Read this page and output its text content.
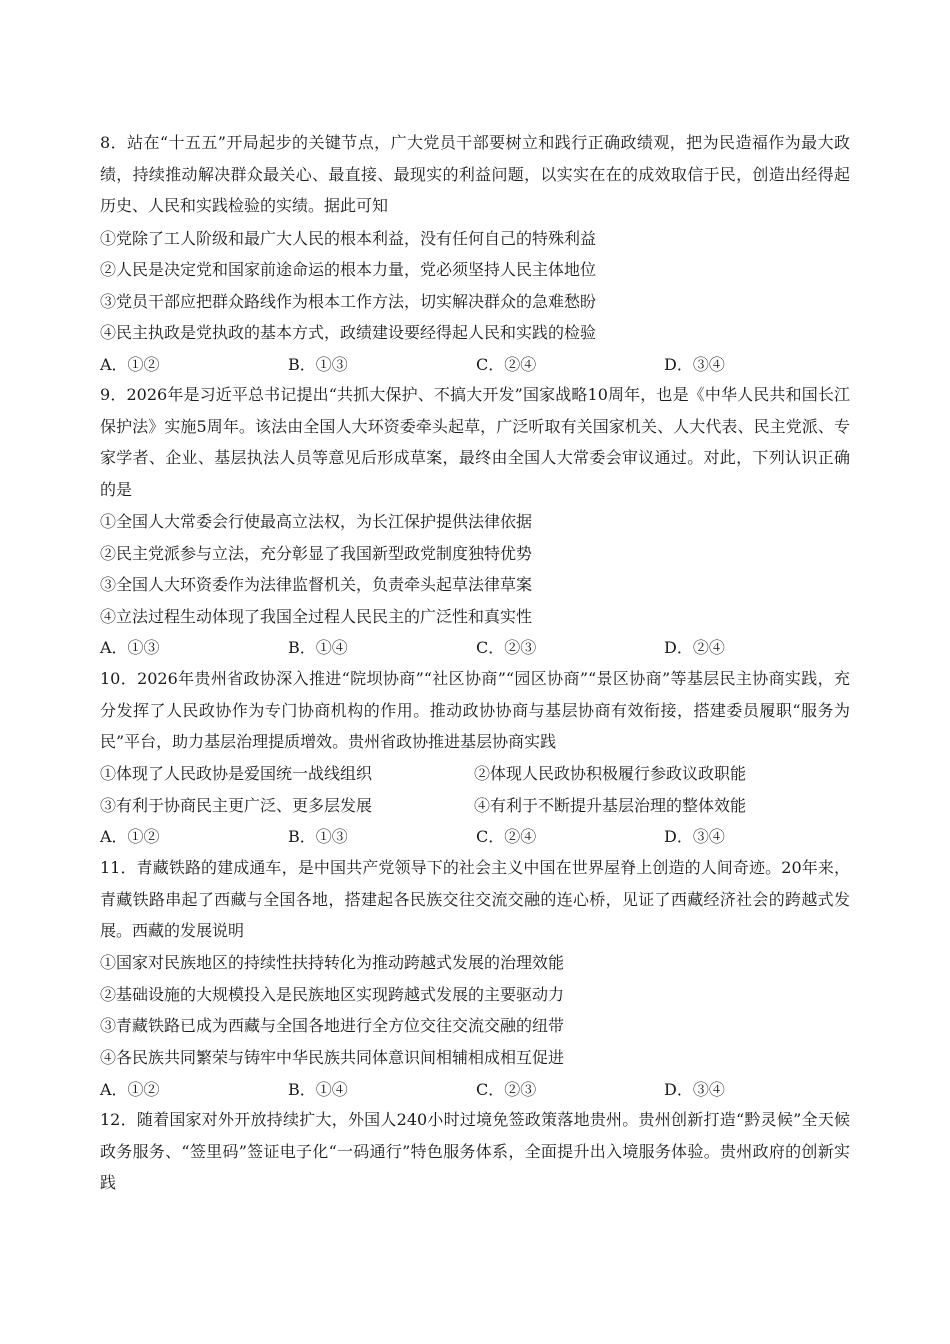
8．站在“十五五”开局起步的关键节点，广大党员干部要树立和践行正确政绩观，把为民造福作为最大政绩，持续推动解决群众最关心、最直接、最现实的利益问题，以实实在在的成效取信于民，创造出经得起历史、人民和实践检验的实绩。据此可知
①党除了工人阶级和最广大人民的根本利益，没有任何自己的特殊利益
②人民是决定党和国家前途命运的根本力量，党必须坚持人民主体地位
③党员干部应把群众路线作为根本工作方法，切实解决群众的急难愁盼
④民主执政是党执政的基本方式，政绩建设要经得起人民和实践的检验
A．①②	B．①③	C．②④	D．③④
9．2026年是习近平总书记提出“共抓大保护、不搞大开发”国家战略10周年，也是《中华人民共和国长江保护法》实施5周年。该法由全国人大环资委牵头起草，广泛听取有关国家机关、人大代表、民主党派、专家学者、企业、基层执法人员等意见后形成草案，最终由全国人大常委会审议通过。对此，下列认识正确的是
①全国人大常委会行使最高立法权，为长江保护提供法律依据
②民主党派参与立法，充分彰显了我国新型政党制度独特优势
③全国人大环资委作为法律监督机关，负责牵头起草法律草案
④立法过程生动体现了我国全过程人民民主的广泛性和真实性
A．①③	B．①④	C．②③	D．②④
10．2026年贵州省政协深入推进“院坝协商”“社区协商”“园区协商”“景区协商”等基层民主协商实践，充分发挥了人民政协作为专门协商机构的作用。推动政协协商与基层协商有效衔接，搭建委员履职“服务为民”平台，助力基层治理提质增效。贵州省政协推进基层协商实践
①体现了人民政协是爱国统一战线组织	②体现人民政协积极履行参政议政职能
③有利于协商民主更广泛、更多层发展	④有利于不断提升基层治理的整体效能
A．①②	B．①③	C．②④	D．③④
11．青藏铁路的建成通车，是中国共产党领导下的社会主义中国在世界屋脊上创造的人间奇迹。20年来，青藏铁路串起了西藏与全国各地，搭建起各民族交往交流交融的连心桥，见证了西藏经济社会的跨越式发展。西藏的发展说明
①国家对民族地区的持续性扶持转化为推动跨越式发展的治理效能
②基础设施的大规模投入是民族地区实现跨越式发展的主要驱动力
③青藏铁路已成为西藏与全国各地进行全方位交往交流交融的纽带
④各民族共同繁荣与铸牢中华民族共同体意识间相辅相成相互促进
A．①②	B．①④	C．②③	D．③④
12．随着国家对外开放持续扩大，外国人240小时过境免签政策落地贵州。贵州创新打造“黔灵候”全天候政务服务、“签里码”签证电子化“一码通行”特色服务体系，全面提升出入境服务体验。贵州政府的创新实践
